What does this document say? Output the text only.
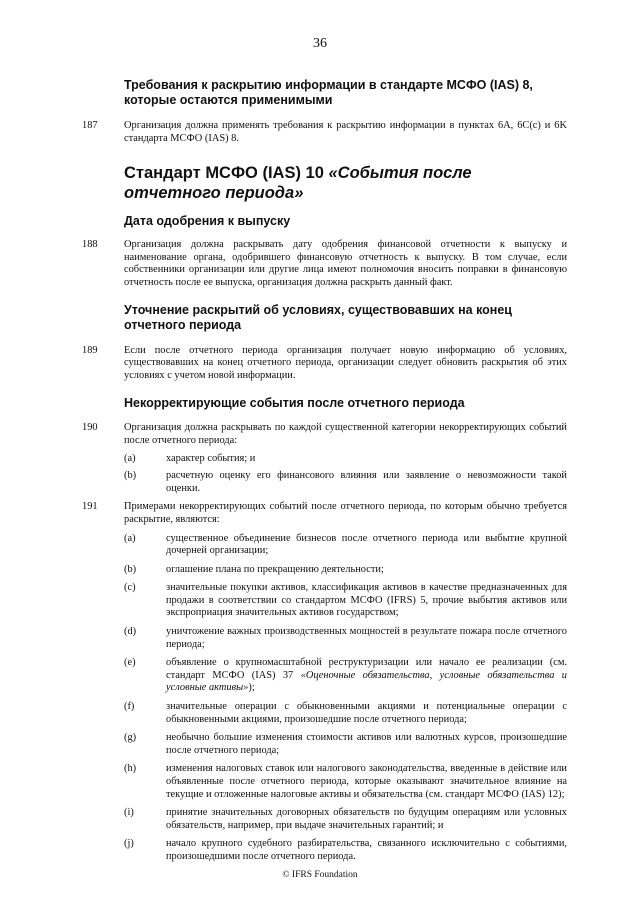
36
Требования к раскрытию информации в стандарте МСФО (IAS) 8, которые остаются применимыми
187	Организация должна применять требования к раскрытию информации в пунктах 6A, 6C(c) и 6K стандарта МСФО (IAS) 8.
Стандарт МСФО (IAS) 10 «События после отчетного периода»
Дата одобрения к выпуску
188	Организация должна раскрывать дату одобрения финансовой отчетности к выпуску и наименование органа, одобрившего финансовую отчетность к выпуску. В том случае, если собственники организации или другие лица имеют полномочия вносить поправки в финансовую отчетность после ее выпуска, организация должна раскрыть данный факт.
Уточнение раскрытий об условиях, существовавших на конец отчетного периода
189	Если после отчетного периода организация получает новую информацию об условиях, существовавших на конец отчетного периода, организации следует обновить раскрытия об этих условиях с учетом новой информации.
Некорректирующие события после отчетного периода
190	Организация должна раскрывать по каждой существенной категории некорректирующих событий после отчетного периода:
(a)	характер события; и
(b)	расчетную оценку его финансового влияния или заявление о невозможности такой оценки.
191	Примерами некорректирующих событий после отчетного периода, по которым обычно требуется раскрытие, являются:
(a)	существенное объединение бизнесов после отчетного периода или выбытие крупной дочерней организации;
(b)	оглашение плана по прекращению деятельности;
(c)	значительные покупки активов, классификация активов в качестве предназначенных для продажи в соответствии со стандартом МСФО (IFRS) 5, прочие выбытия активов или экспроприация значительных активов государством;
(d)	уничтожение важных производственных мощностей в результате пожара после отчетного периода;
(e)	объявление о крупномасштабной реструктуризации или начало ее реализации (см. стандарт МСФО (IAS) 37 «Оценочные обязательства, условные обязательства и условные активы»);
(f)	значительные операции с обыкновенными акциями и потенциальные операции с обыкновенными акциями, произошедшие после отчетного периода;
(g)	необычно большие изменения стоимости активов или валютных курсов, произошедшие после отчетного периода;
(h)	изменения налоговых ставок или налогового законодательства, введенные в действие или объявленные после отчетного периода, которые оказывают значительное влияние на текущие и отложенные налоговые активы и обязательства (см. стандарт МСФО (IAS) 12);
(i)	принятие значительных договорных обязательств по будущим операциям или условных обязательств, например, при выдаче значительных гарантий; и
(j)	начало крупного судебного разбирательства, связанного исключительно с событиями, произошедшими после отчетного периода.
© IFRS Foundation
